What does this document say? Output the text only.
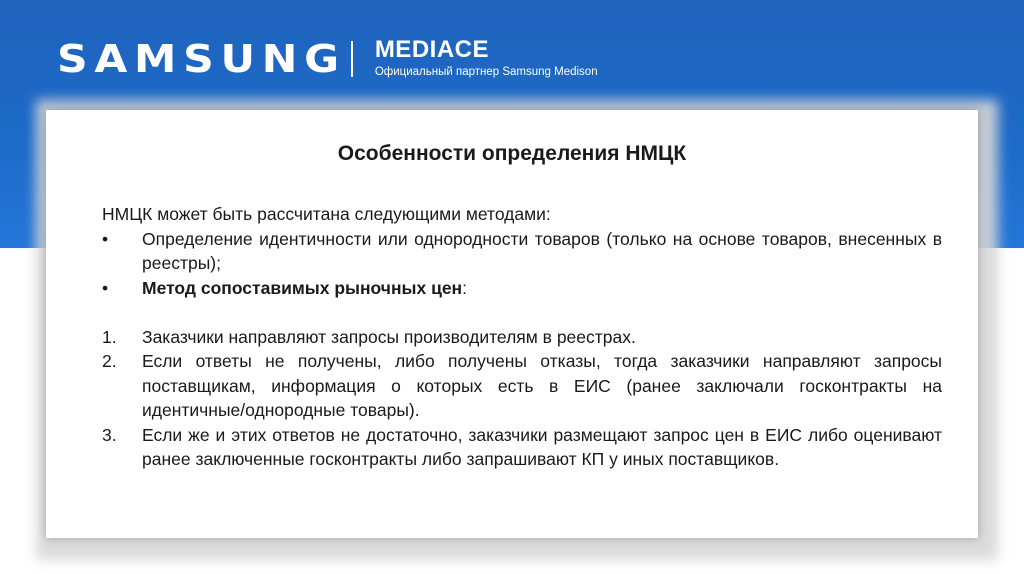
SAMSUNG MEDIACE
Официальный партнер Samsung Medison
Особенности определения НМЦК

НМЦК может быть рассчитана следующими методами:

•	Определение идентичности или однородности товаров (только на основе товаров, внесенных в реестры);
•	Метод сопоставимых рыночных цен:
1.	Заказчики направляют запросы производителям в реестрах.
2.	Если ответы не получены, либо получены отказы, тогда заказчики направляют запросы поставщикам, информация о которых есть в ЕИС (ранее заключали госконтракты на идентичные/однородные товары).
3.	Если же и этих ответов не достаточно, заказчики размещают запрос цен в ЕИС либо оценивают ранее заключенные госконтракты либо запрашивают КП у иных поставщиков.
